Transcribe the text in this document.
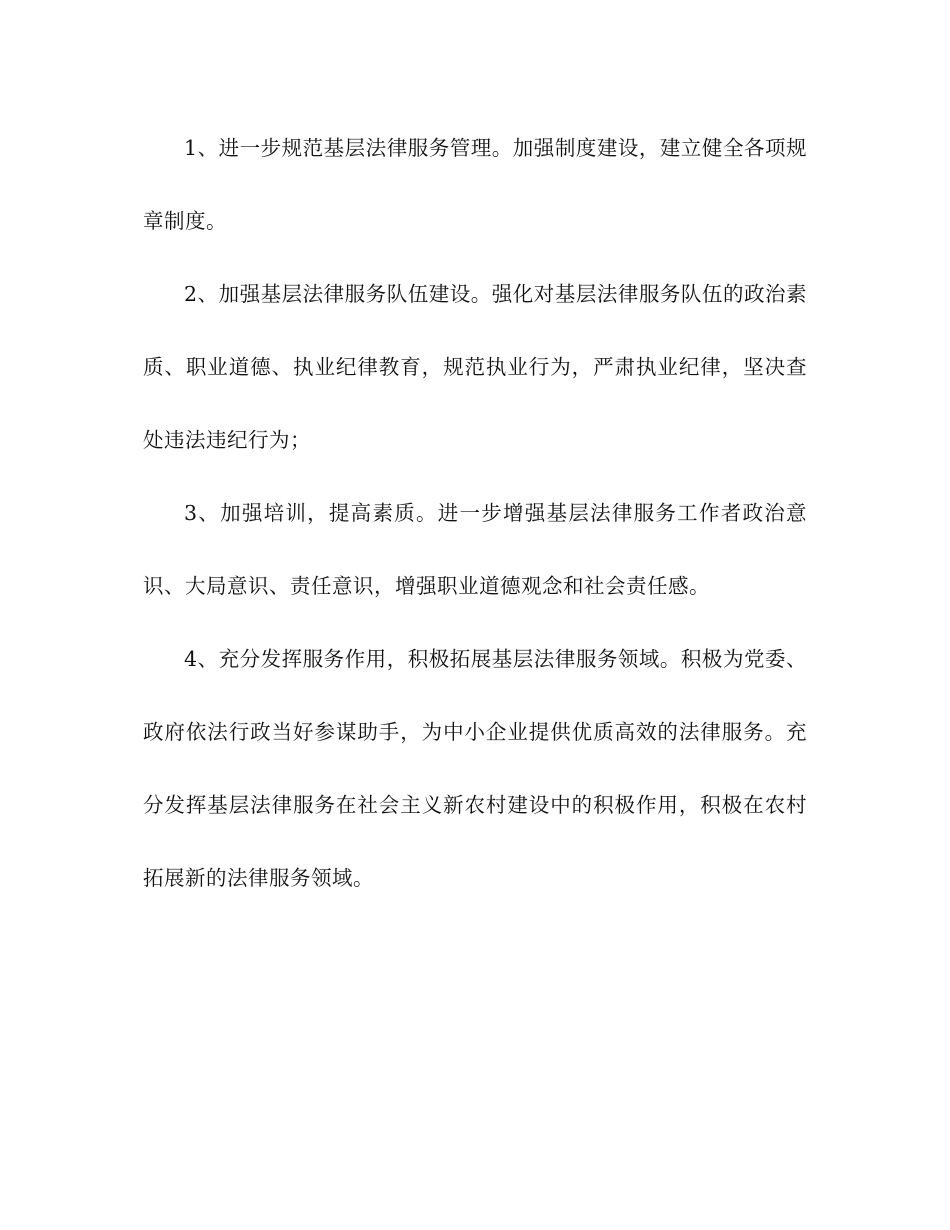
1、进一步规范基层法律服务管理。加强制度建设，建立健全各项规章制度。

2、加强基层法律服务队伍建设。强化对基层法律服务队伍的政治素质、职业道德、执业纪律教育，规范执业行为，严肃执业纪律，坚决查处违法违纪行为；

3、加强培训，提高素质。进一步增强基层法律服务工作者政治意识、大局意识、责任意识，增强职业道德观念和社会责任感。

4、充分发挥服务作用，积极拓展基层法律服务领域。积极为党委、政府依法行政当好参谋助手，为中小企业提供优质高效的法律服务。充分发挥基层法律服务在社会主义新农村建设中的积极作用，积极在农村拓展新的法律服务领域。
